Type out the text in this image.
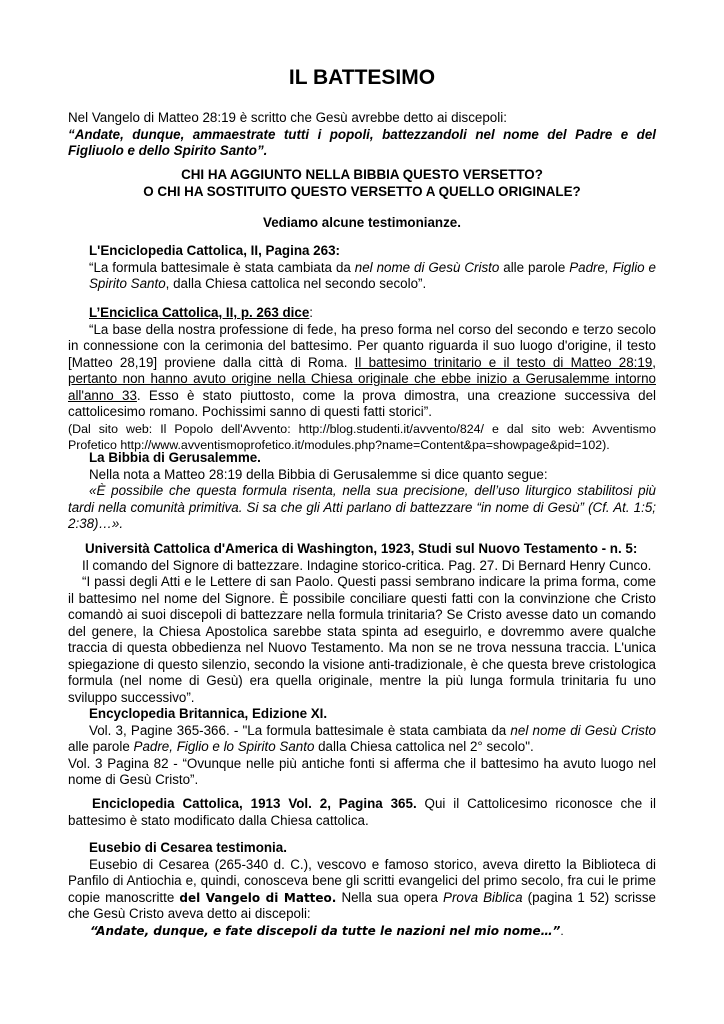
IL BATTESIMO

Nel Vangelo di Matteo 28:19 è scritto che Gesù avrebbe detto ai discepoli:

“Andate, dunque, ammaestrate tutti i popoli, battezzandoli nel nome del Padre e del Figliuolo e dello Spirito Santo”.

CHI HA AGGIUNTO NELLA BIBBIA QUESTO VERSETTO?

O CHI HA SOSTITUITO QUESTO VERSETTO A QUELLO ORIGINALE?

Vediamo alcune testimonianze.

L'Enciclopedia Cattolica, II, Pagina 263:

“La formula battesimale è stata cambiata da nel nome di Gesù Cristo alle parole Padre, Figlio e Spirito Santo, dalla Chiesa cattolica nel secondo secolo”.

L’Enciclica Cattolica, II, p. 263 dice:

“La base della nostra professione di fede, ha preso forma nel corso del secondo e terzo secolo in connessione con la cerimonia del battesimo. Per quanto riguarda il suo luogo d'origine, il testo [Matteo 28,19] proviene dalla città di Roma. Il battesimo trinitario e il testo di Matteo 28:19, pertanto non hanno avuto origine nella Chiesa originale che ebbe inizio a Gerusalemme intorno all'anno 33. Esso è stato piuttosto, come la prova dimostra, una creazione successiva del cattolicesimo romano. Pochissimi sanno di questi fatti storici”.

(Dal sito web: Il Popolo dell'Avvento: http://blog.studenti.it/avvento/824/ e dal sito web: Avventismo Profetico http://www.avventismoprofetico.it/modules.php?name=Content&pa=showpage&pid=102).

La Bibbia di Gerusalemme.

Nella nota a Matteo 28:19 della Bibbia di Gerusalemme si dice quanto segue:

«È possibile che questa formula risenta, nella sua precisione, dell’uso liturgico stabilitosi più tardi nella comunità primitiva. Si sa che gli Atti parlano di battezzare “in nome di Gesù” (Cf. At. 1:5; 2:38)…».

Università Cattolica d'America di Washington, 1923, Studi sul Nuovo Testamento - n. 5:

Il comando del Signore di battezzare. Indagine storico-critica. Pag. 27. Di Bernard Henry Cunco.

“I passi degli Atti e le Lettere di san Paolo. Questi passi sembrano indicare la prima forma, come il battesimo nel nome del Signore. È possibile conciliare questi fatti con la convinzione che Cristo comandò ai suoi discepoli di battezzare nella formula trinitaria? Se Cristo avesse dato un comando del genere, la Chiesa Apostolica sarebbe stata spinta ad eseguirlo, e dovremmo avere qualche traccia di questa obbedienza nel Nuovo Testamento. Ma non se ne trova nessuna traccia. L'unica spiegazione di questo silenzio, secondo la visione anti-tradizionale, è che questa breve cristologica formula (nel nome di Gesù) era quella originale, mentre la più lunga formula trinitaria fu uno sviluppo successivo”.

Encyclopedia Britannica, Edizione XI.

Vol. 3, Pagine 365-366. - "La formula battesimale è stata cambiata da nel nome di Gesù Cristo alle parole Padre, Figlio e lo Spirito Santo dalla Chiesa cattolica nel 2° secolo".

Vol. 3 Pagina 82 - “Ovunque nelle più antiche fonti si afferma che il battesimo ha avuto luogo nel nome di Gesù Cristo”.

Enciclopedia Cattolica, 1913 Vol. 2, Pagina 365. Qui il Cattolicesimo riconosce che il battesimo è stato modificato dalla Chiesa cattolica.

Eusebio di Cesarea testimonia.

Eusebio di Cesarea (265-340 d. C.), vescovo e famoso storico, aveva diretto la Biblioteca di Panfilo di Antiochia e, quindi, conosceva bene gli scritti evangelici del primo secolo, fra cui le prime copie manoscritte del Vangelo di Matteo. Nella sua opera Prova Biblica (pagina 1 52) scrisse che Gesù Cristo aveva detto ai discepoli:

“Andate, dunque, e fate discepoli da tutte le nazioni nel mio nome…”.
